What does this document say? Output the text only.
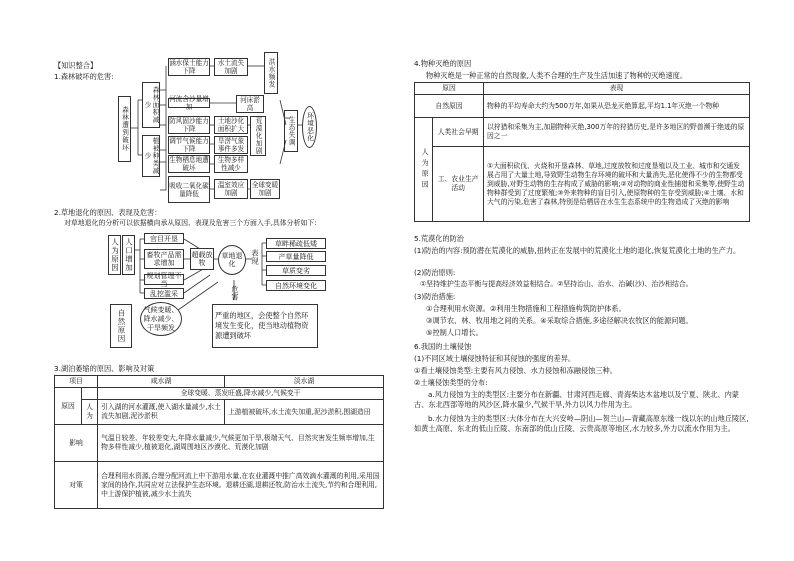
【知识整合】
1.森林破坏的危害:
森林遭到破坏
森林面积减少
植被种类减少
涵水保土能力下降
河流含沙量增加
防风固沙能力下降
调节气候能力下降
生物栖息地遭破坏
吸收二氧化碳量降低
水土流失加剧
河床淤高
土地沙化面积扩大
旱涝气象事件多发
生物多样性减少
温室效应加剧
全球变暖加剧
洪水频发
荒漠化加剧	生态失调	环境恶化
2.草地退化的原因、表现及危害：
对草地退化的分析可以依据横向承从原因、表现及危害三个方面入手,具体分析如下:
人为原因 人口增加	官目开垦
畜牧产品需求增加
超载放牧
规划管理不当
乱挖滥采
草地退化	表现
草畔稀疏低矮
产草量降低
草质变劣
自然环境变化
危害
自然原因	气候变暖、降水减少、干旱频发
严重的地区，会使整个自然环境发生变化，使当地动植物资源遭到破坏
3.湖泊萎缩的原因、影响及对策
项目		咸水湖	淡水湖
原因		全球变暖、蒸发旺盛,降水减少,气候变干	
	人为	引入湖的河水灌溉,使入湖水量减少,水土流失加剧,泥沙淤积	上游植被破坏,水土流失加重,泥沙淤积,围湖造田
影响		气温日较差、年较差变大,年降水量减少,气候更加干旱,极端天气、目然灾害发生频率增加,生物多样性减少,植被退化,湖周围地区沙漠化、荒漠化加剧	
对策		合理利用水资源,合理分配河流上中下游用水量,在农业灌溉中推广高效滴水灌溉的利用,采用国家间的协作,共同应对立法保护生态环境。退耕还湖,退耕还牧,防治水土流失,节约和合理利用,中上游保护植被,减少水土流失	
4.物种灭绝的原因
物种灭绝是一种正常的自然现象,人类不合理的生产及生活加速了物种的灭绝速度。
原因		表现
自然原因		物种的平均寿命大约为500万年,如果从恐龙灭绝算起,平均1.1年灭绝一个物种
人为原因	人类社会早期	以狩猎和采集为主,加剧物种灭绝,300万年的狩猎历史,是许多地区的野兽濒于绝迹的原因之一
	工、农业生产活动	①大面积砍伐、火烧和开垦森林、草地,过度放牧和过度垦殖以及工业、城市和交通发展占用了大量土地,导致野生动物生存环境的破坏和大量消失,恶化使得不少的生物都受到威胁,对野生动物的生存构成了威胁的影响;②对动物的商业性捕猎和采集等,使野生动物种群受到了过度繁殖;③外来物种的盲目引入,使原物种的生存受到威胁;④土壤、水和大气的污染,危害了森林,特别是给栖居在水生生态系统中的生物造成了灭绝的影响
5.荒漠化的防治
(1)防治的内容:预防潜在荒漠化的威胁,扭转正在发展中的荒漠化土地的退化,恢复荒漠化土地的生产力。
(2)防治原则:
①坚持维护生态平衡与提高经济效益相结合。②坚持治山、治水、治碱(沙)、治沙相结合。
(3)防治措施:
①合理利用水资源。②利用生物措施和工程措施构筑防护体系。
③调节农、林、牧用地之间的关系。④采取综合措施,多途径解决农牧区的能源问题。
⑤控制人口增长。
6.我国的土壤侵蚀
(1)不同区域土壤侵蚀特征和其侵蚀的强度的差异。
①看土壤侵蚀类型:主要有风力侵蚀、水力侵蚀和冻融侵蚀三种。
②土壤侵蚀类型的分布:
a.风力侵蚀为主的类型区:主要分布在新疆、甘肃河西走廊、青海柴达木盆地以及宁夏、陕北、内蒙古、东北西部等地的风沙区,降水量少,气候干旱,外力以风力作用为主。
b.水力侵蚀为主的类型区:大体分布在大兴安岭—阴山—贺兰山—青藏高原东缘一线以东的山地丘陵区,如黄土高原、东北的低山丘陵、东南部的低山丘陵、云贵高原等地区,水力较多,外力以流水作用为主。
